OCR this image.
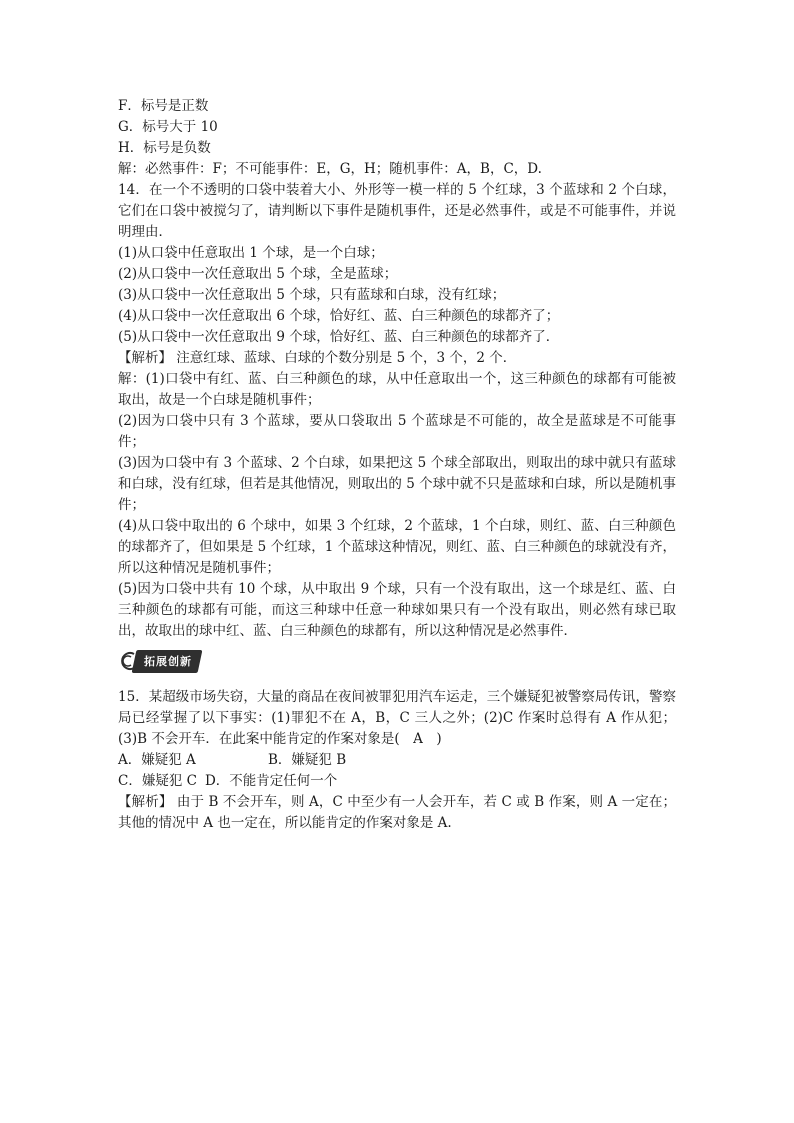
F．标号是正数
G．标号大于 10
H．标号是负数
解：必然事件：F；不可能事件：E，G，H；随机事件：A，B，C，D.
14．在一个不透明的口袋中装着大小、外形等一模一样的 5 个红球，3 个蓝球和 2 个白球，它们在口袋中被搅匀了，请判断以下事件是随机事件，还是必然事件，或是不可能事件，并说明理由．
(1)从口袋中任意取出 1 个球，是一个白球；
(2)从口袋中一次任意取出 5 个球，全是蓝球；
(3)从口袋中一次任意取出 5 个球，只有蓝球和白球，没有红球；
(4)从口袋中一次任意取出 6 个球，恰好红、蓝、白三种颜色的球都齐了；
(5)从口袋中一次任意取出 9 个球，恰好红、蓝、白三种颜色的球都齐了．
【解析】 注意红球、蓝球、白球的个数分别是 5 个，3 个，2 个．
解：(1)口袋中有红、蓝、白三种颜色的球，从中任意取出一个，这三种颜色的球都有可能被取出，故是一个白球是随机事件；
(2)因为口袋中只有 3 个蓝球，要从口袋取出 5 个蓝球是不可能的，故全是蓝球是不可能事件；
(3)因为口袋中有 3 个蓝球、2 个白球，如果把这 5 个球全部取出，则取出的球中就只有蓝球和白球，没有红球，但若是其他情况，则取出的 5 个球中就不只是蓝球和白球，所以是随机事件；
(4)从口袋中取出的 6 个球中，如果 3 个红球，2 个蓝球，1 个白球，则红、蓝、白三种颜色的球都齐了，但如果是 5 个红球，1 个蓝球这种情况，则红、蓝、白三种颜色的球就没有齐，所以这种情况是随机事件；
(5)因为口袋中共有 10 个球，从中取出 9 个球，只有一个没有取出，这一个球是红、蓝、白三种颜色的球都有可能，而这三种球中任意一种球如果只有一个没有取出，则必然有球已取出，故取出的球中红、蓝、白三种颜色的球都有，所以这种情况是必然事件．
拓展创新
15．某超级市场失窃，大量的商品在夜间被罪犯用汽车运走，三个嫌疑犯被警察局传讯，警察局已经掌握了以下事实：(1)罪犯不在 A，B，C 三人之外；(2)C 作案时总得有 A 作从犯；(3)B 不会开车．在此案中能肯定的作案对象是(　A　)
A．嫌疑犯 A	B．嫌疑犯 B
C．嫌疑犯 C D．不能肯定任何一个
【解析】 由于 B 不会开车，则 A，C 中至少有一人会开车，若 C 或 B 作案，则 A 一定在；其他的情况中 A 也一定在，所以能肯定的作案对象是 A.
